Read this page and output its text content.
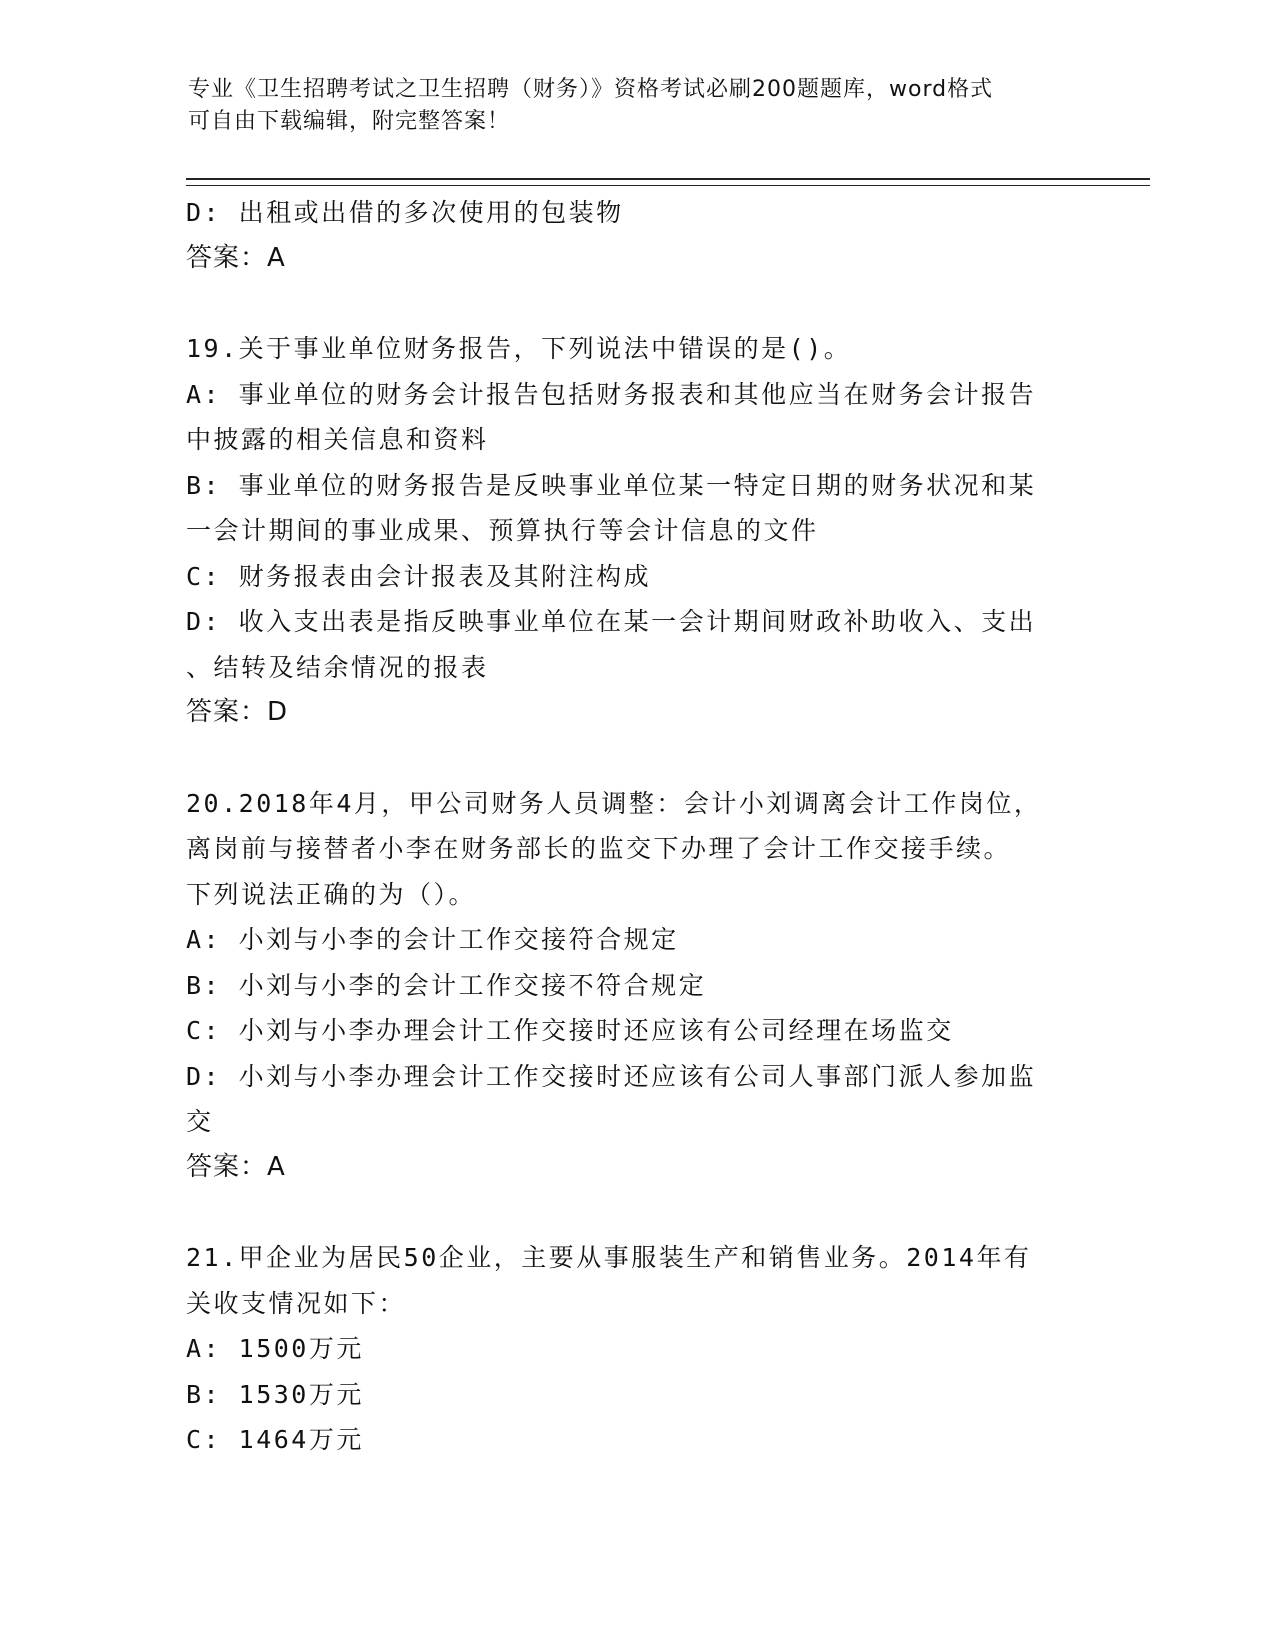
专业《卫生招聘考试之卫生招聘（财务）》资格考试必刷200题题库，word格式
可自由下载编辑，附完整答案！

D: 出租或出借的多次使用的包装物

答案：A

19.关于事业单位财务报告，下列说法中错误的是()。

A: 事业单位的财务会计报告包括财务报表和其他应当在财务会计报告

中披露的相关信息和资料

B: 事业单位的财务报告是反映事业单位某一特定日期的财务状况和某

一会计期间的事业成果、预算执行等会计信息的文件

C: 财务报表由会计报表及其附注构成

D: 收入支出表是指反映事业单位在某一会计期间财政补助收入、支出

、结转及结余情况的报表

答案：D

20.2018年4月，甲公司财务人员调整：会计小刘调离会计工作岗位，

离岗前与接替者小李在财务部长的监交下办理了会计工作交接手续。

下列说法正确的为（）。

A: 小刘与小李的会计工作交接符合规定

B: 小刘与小李的会计工作交接不符合规定

C: 小刘与小李办理会计工作交接时还应该有公司经理在场监交

D: 小刘与小李办理会计工作交接时还应该有公司人事部门派人参加监

交

答案：A

21.甲企业为居民50企业，主要从事服装生产和销售业务。2014年有

关收支情况如下：

A: 1500万元

B: 1530万元

C: 1464万元
